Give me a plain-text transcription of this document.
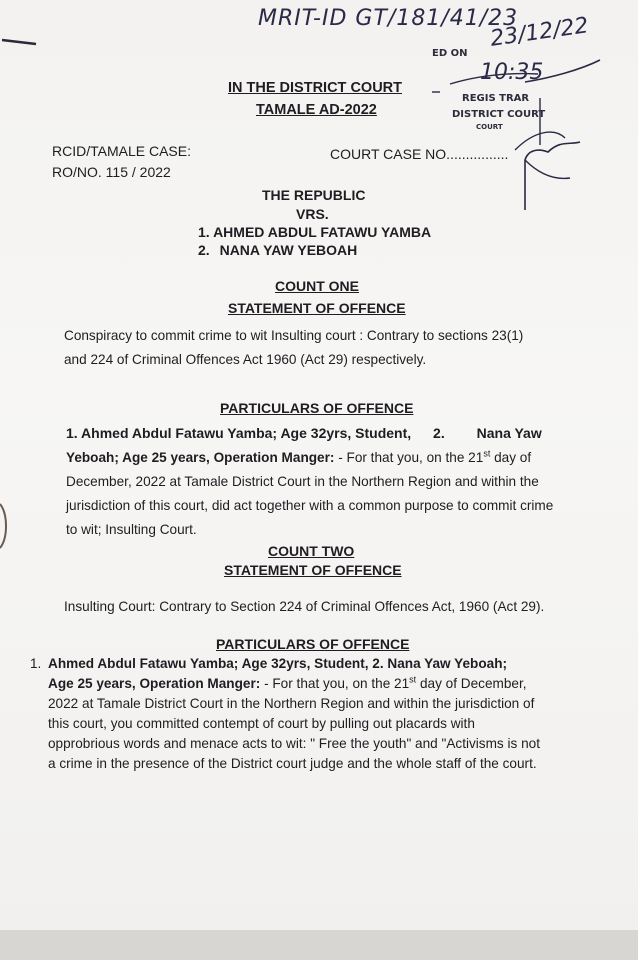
MRIT-ID GT/181/41/23
23/12/22
10:35
ED ON
REGIS TRAR
DISTRICT COURT
COURT
IN THE DISTRICT COURT
TAMALE AD-2022
RCID/TAMALE CASE:
RO/NO. 115 / 2022
COURT CASE NO................
THE REPUBLIC
VRS.
1. AHMED ABDUL FATAWU YAMBA
2. NANA YAW YEBOAH
COUNT ONE
STATEMENT OF OFFENCE
Conspiracy to commit crime to wit Insulting court : Contrary to sections 23(1)
and 224 of Criminal Offences Act 1960 (Act 29) respectively.
PARTICULARS OF OFFENCE
1. Ahmed Abdul Fatawu Yamba; Age 32yrs, Student, 2. Nana Yaw
Yeboah; Age 25 years, Operation Manger: - For that you, on the 21st day of
December, 2022 at Tamale District Court in the Northern Region and within the
jurisdiction of this court, did act together with a common purpose to commit crime
to wit; Insulting Court.
COUNT TWO
STATEMENT OF OFFENCE
Insulting Court: Contrary to Section 224 of Criminal Offences Act, 1960 (Act 29).
PARTICULARS OF OFFENCE
1. Ahmed Abdul Fatawu Yamba; Age 32yrs, Student, 2. Nana Yaw Yeboah;
Age 25 years, Operation Manger: - For that you, on the 21st day of December,
2022 at Tamale District Court in the Northern Region and within the jurisdiction of
this court, you committed contempt of court by pulling out placards with
opprobrious words and menace acts to wit: " Free the youth" and "Activisms is not
a crime in the presence of the District court judge and the whole staff of the court.
